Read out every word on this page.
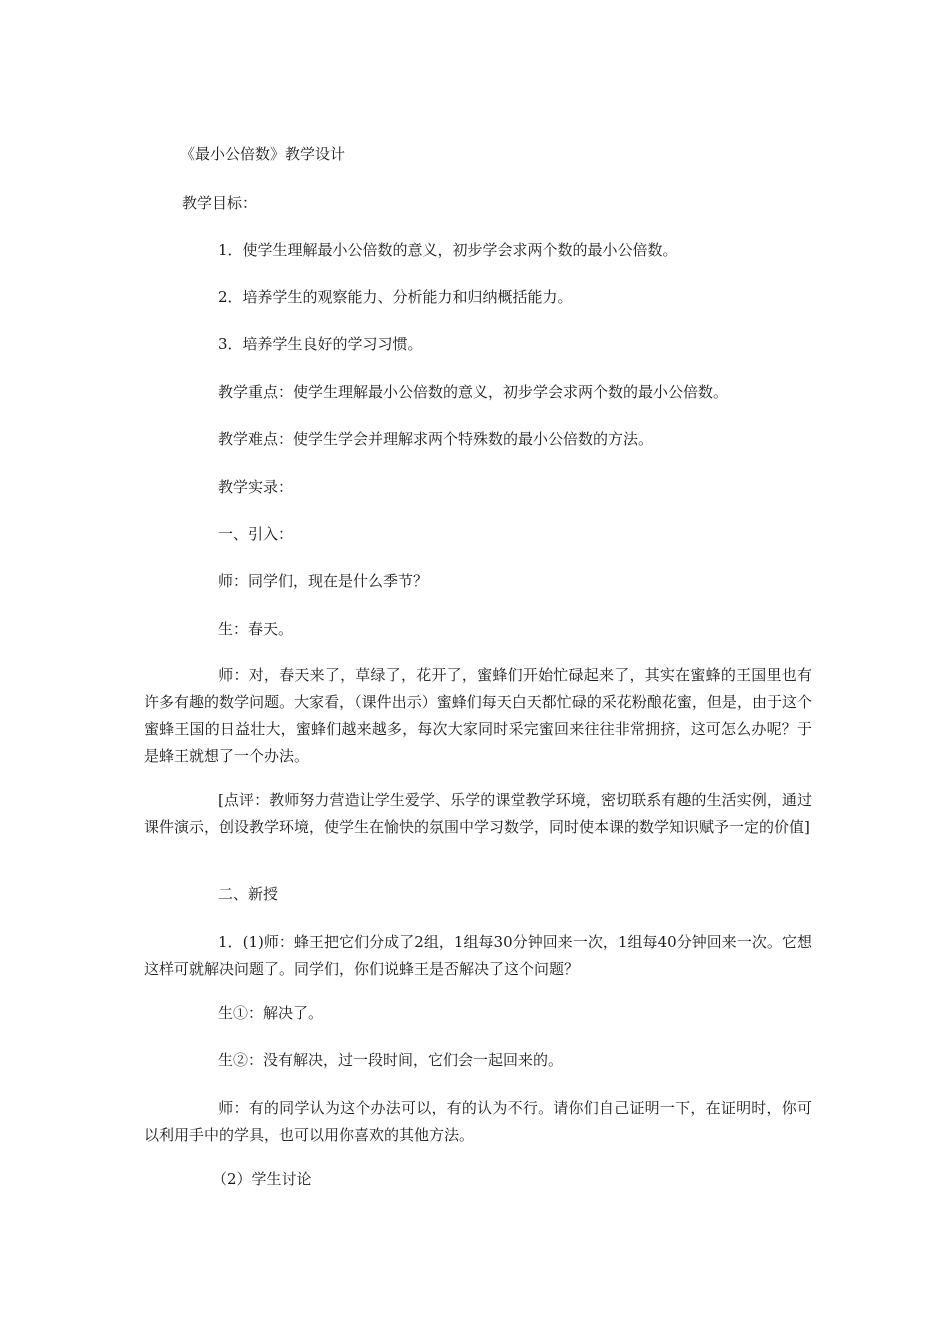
《最小公倍数》教学设计
教学目标：
1．使学生理解最小公倍数的意义，初步学会求两个数的最小公倍数。
2．培养学生的观察能力、分析能力和归纳概括能力。
3．培养学生良好的学习习惯。
教学重点：使学生理解最小公倍数的意义，初步学会求两个数的最小公倍数。
教学难点：使学生学会并理解求两个特殊数的最小公倍数的方法。
教学实录：
一、引入：
师：同学们，现在是什么季节？
生：春天。
师：对，春天来了，草绿了，花开了，蜜蜂们开始忙碌起来了，其实在蜜蜂的王国里也有许多有趣的数学问题。大家看，（课件出示）蜜蜂们每天白天都忙碌的采花粉酿花蜜，但是，由于这个蜜蜂王国的日益壮大，蜜蜂们越来越多，每次大家同时采完蜜回来往往非常拥挤，这可怎么办呢？于是蜂王就想了一个办法。
[点评：教师努力营造让学生爱学、乐学的课堂教学环境，密切联系有趣的生活实例，通过课件演示，创设教学环境，使学生在愉快的氛围中学习数学，同时使本课的数学知识赋予一定的价值]
二、新授
1．(1)师：蜂王把它们分成了2组，1组每30分钟回来一次，1组每40分钟回来一次。它想这样可就解决问题了。同学们，你们说蜂王是否解决了这个问题？
生①：解决了。
生②：没有解决，过一段时间，它们会一起回来的。
师：有的同学认为这个办法可以，有的认为不行。请你们自己证明一下，在证明时，你可以利用手中的学具，也可以用你喜欢的其他方法。
（2）学生讨论
